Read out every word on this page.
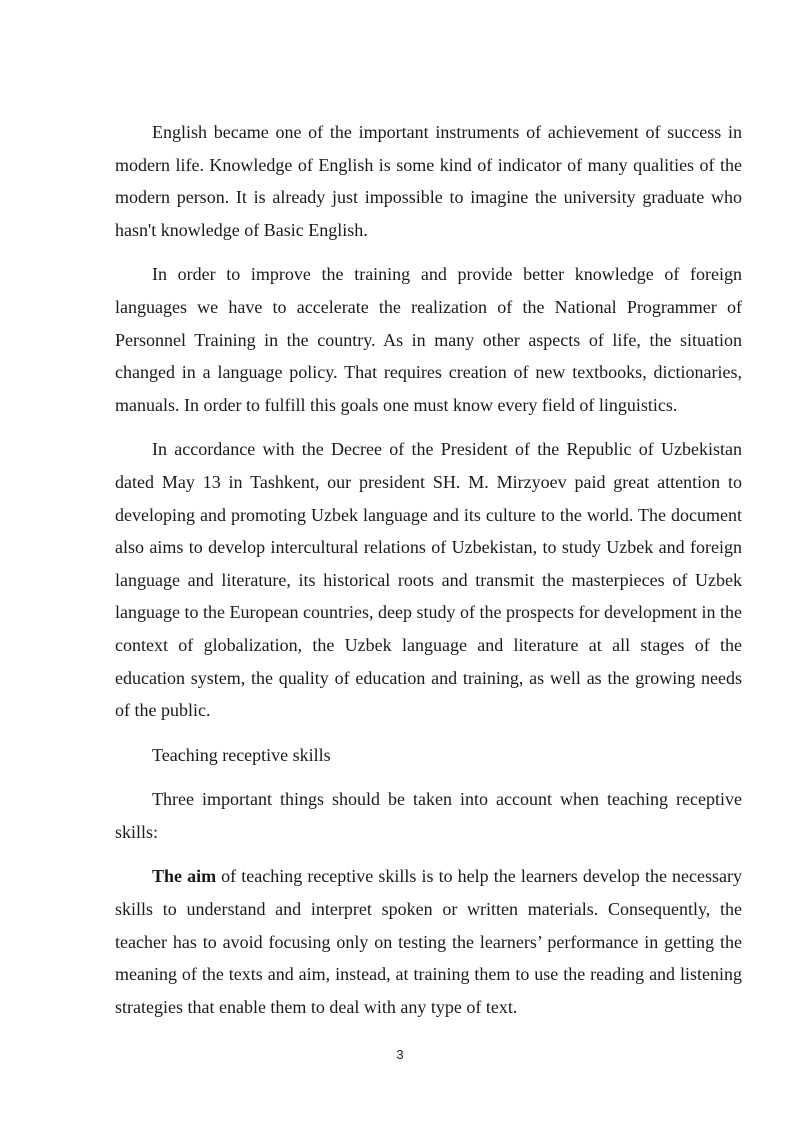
English became one of the important instruments of achievement of success in modern life. Knowledge of English is some kind of indicator of many qualities of the modern person. It is already just impossible to imagine the university graduate who hasn't knowledge of Basic English.

In order to improve the training and provide better knowledge of foreign languages we have to accelerate the realization of the National Programmer of Personnel Training in the country. As in many other aspects of life, the situation changed in a language policy. That requires creation of new textbooks, dictionaries, manuals. In order to fulfill this goals one must know every field of linguistics.

In accordance with the Decree of the President of the Republic of Uzbekistan dated May 13 in Tashkent, our president SH. M. Mirzyoev paid great attention to developing and promoting Uzbek language and its culture to the world. The document also aims to develop intercultural relations of Uzbekistan, to study Uzbek and foreign language and literature, its historical roots and transmit the masterpieces of Uzbek language to the European countries, deep study of the prospects for development in the context of globalization, the Uzbek language and literature at all stages of the education system, the quality of education and training, as well as the growing needs of the public.

Teaching receptive skills

Three important things should be taken into account when teaching receptive skills:

The aim of teaching receptive skills is to help the learners develop the necessary skills to understand and interpret spoken or written materials. Consequently, the teacher has to avoid focusing only on testing the learners’ performance in getting the meaning of the texts and aim, instead, at training them to use the reading and listening strategies that enable them to deal with any type of text.

3
